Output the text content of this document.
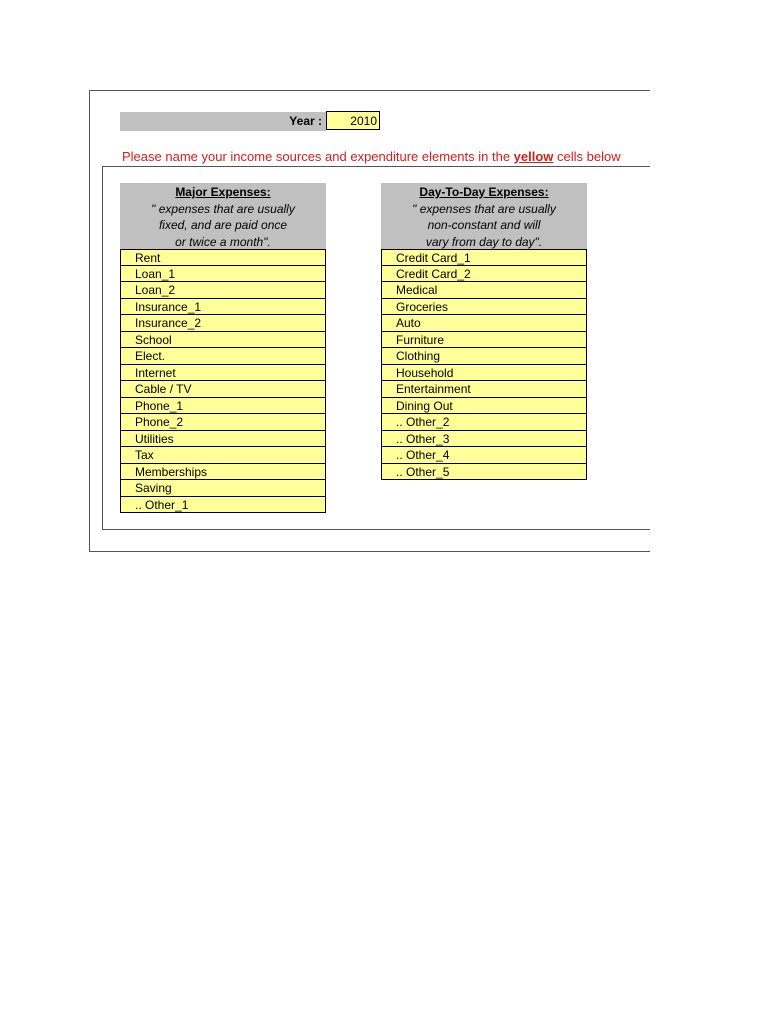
Year :	2010
Please name your income sources and expenditure elements in the yellow cells below
Major Expenses:
" expenses that are usually
fixed, and are paid once
or twice a month".
Rent
Loan_1
Loan_2
Insurance_1
Insurance_2
School
Elect.
Internet
Cable / TV
Phone_1
Phone_2
Utilities
Tax
Memberships
Saving
.. Other_1
Day-To-Day Expenses:
" expenses that are usually
non-constant and will
vary from day to day".
Credit Card_1
Credit Card_2
Medical
Groceries
Auto
Furniture
Clothing
Household
Entertainment
Dining Out
.. Other_2
.. Other_3
.. Other_4
.. Other_5
